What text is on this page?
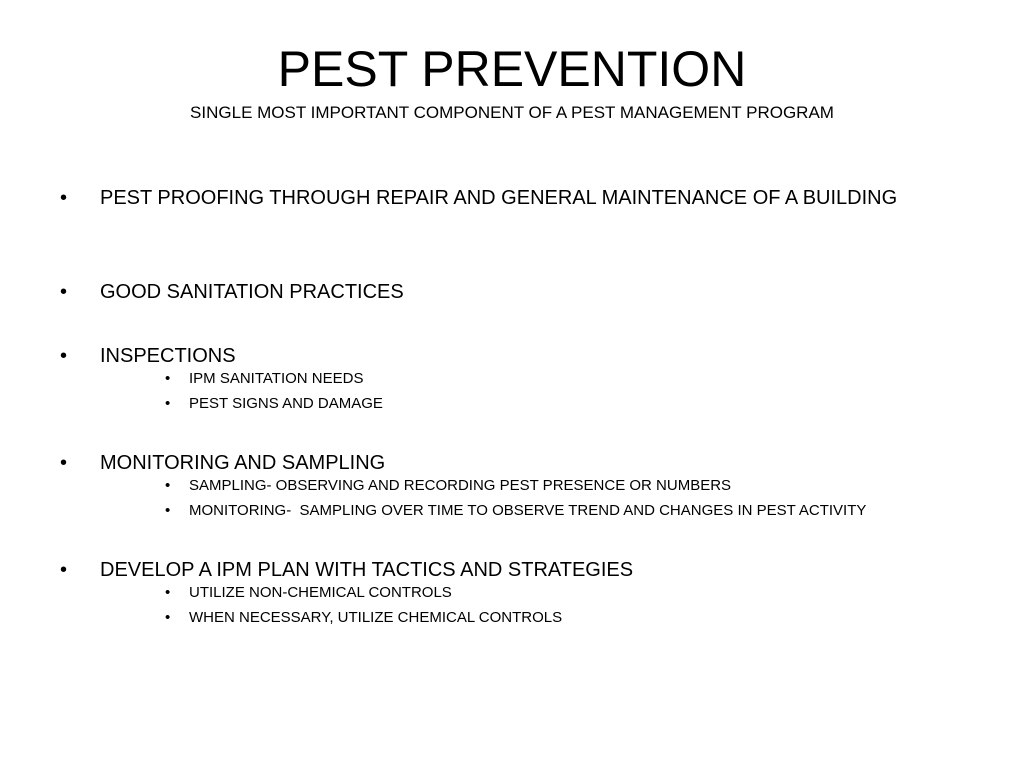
PEST PREVENTION
SINGLE MOST IMPORTANT COMPONENT OF A PEST MANAGEMENT PROGRAM
• PEST PROOFING THROUGH REPAIR AND GENERAL MAINTENANCE OF A BUILDING
• GOOD SANITATION PRACTICES
• INSPECTIONS
• IPM SANITATION NEEDS
• PEST SIGNS AND DAMAGE
• MONITORING AND SAMPLING
• SAMPLING- OBSERVING AND RECORDING PEST PRESENCE OR NUMBERS
• MONITORING-  SAMPLING OVER TIME TO OBSERVE TREND AND CHANGES IN PEST ACTIVITY
• DEVELOP A IPM PLAN WITH TACTICS AND STRATEGIES
• UTILIZE NON-CHEMICAL CONTROLS
• WHEN NECESSARY, UTILIZE CHEMICAL CONTROLS
